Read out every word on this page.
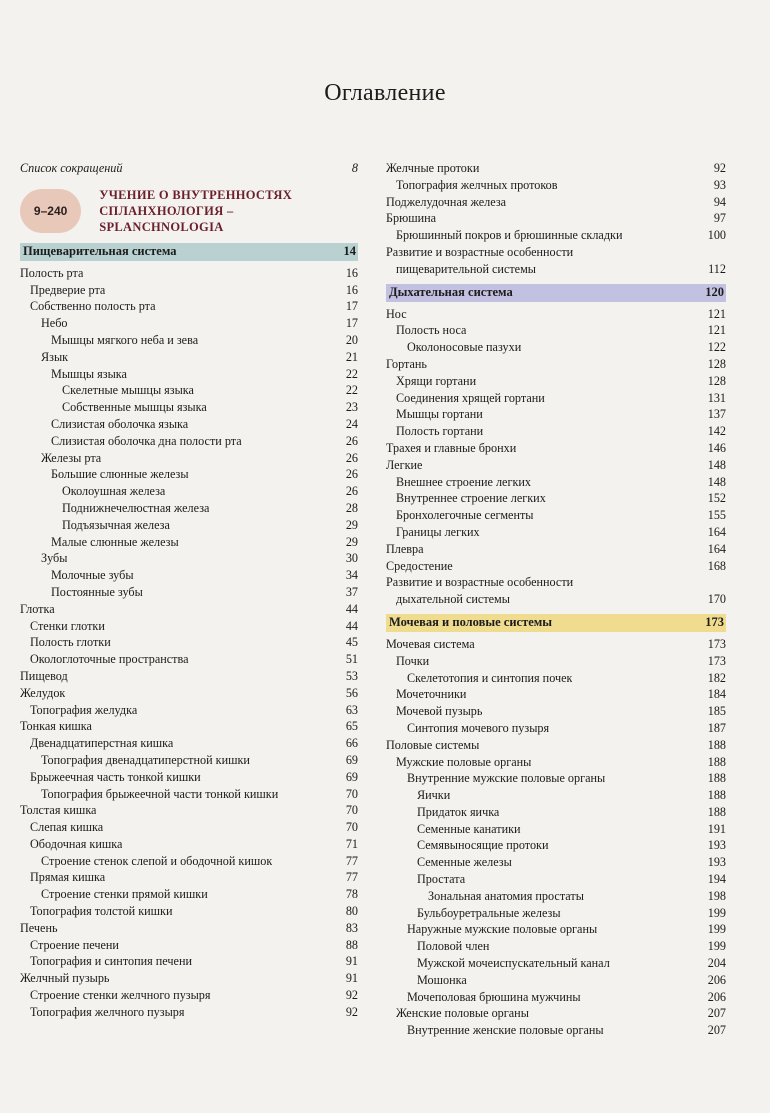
Оглавление
Список сокращений	8
9–240
УЧЕНИЕ О ВНУТРЕННОСТЯХ
СПЛАНХНОЛОГИЯ – SPLANCHNOLOGIA
Пищеварительная система	14
Полость рта	16
Предверие рта	16
Собственно полость рта	17
Небо	17
Мышцы мягкого неба и зева	20
Язык	21
Мышцы языка	22
Скелетные мышцы языка	22
Собственные мышцы языка	23
Слизистая оболочка языка	24
Слизистая оболочка дна полости рта	26
Железы рта	26
Большие слюнные железы	26
Околоушная железа	26
Поднижнечелюстная железа	28
Подъязычная железа	29
Малые слюнные железы	29
Зубы	30
Молочные зубы	34
Постоянные зубы	37
Глотка	44
Стенки глотки	44
Полость глотки	45
Окологлоточные пространства	51
Пищевод	53
Желудок	56
Топография желудка	63
Тонкая кишка	65
Двенадцатиперстная кишка	66
Топография двенадцатиперстной кишки	69
Брыжеечная часть тонкой кишки	69
Топография брыжеечной части тонкой кишки	70
Толстая кишка	70
Слепая кишка	70
Ободочная кишка	71
Строение стенок слепой и ободочной кишок	77
Прямая кишка	77
Строение стенки прямой кишки	78
Топография толстой кишки	80
Печень	83
Строение печени	88
Топография и синтопия печени	91
Желчный пузырь	91
Строение стенки желчного пузыря	92
Топография желчного пузыря	92
Желчные протоки	92
Топография желчных протоков	93
Поджелудочная железа	94
Брюшина	97
Брюшинный покров и брюшинные складки	100
Развитие и возрастные особенности
пищеварительной системы	112
Дыхательная система	120
Нос	121
Полость носа	121
Околоносовые пазухи	122
Гортань	128
Хрящи гортани	128
Соединения хрящей гортани	131
Мышцы гортани	137
Полость гортани	142
Трахея и главные бронхи	146
Легкие	148
Внешнее строение легких	148
Внутреннее строение легких	152
Бронхолегочные сегменты	155
Границы легких	164
Плевра	164
Средостение	168
Развитие и возрастные особенности
дыхательной системы	170
Мочевая и половые системы	173
Мочевая система	173
Почки	173
Скелетотопия и синтопия почек	182
Мочеточники	184
Мочевой пузырь	185
Синтопия мочевого пузыря	187
Половые системы	188
Мужские половые органы	188
Внутренние мужские половые органы	188
Яички	188
Придаток яичка	188
Семенные канатики	191
Семявыносящие протоки	193
Семенные железы	193
Простата	194
Зональная анатомия простаты	198
Бульбоуретральные железы	199
Наружные мужские половые органы	199
Половой член	199
Мужской мочеиспускательный канал	204
Мошонка	206
Мочеполовая брюшина мужчины	206
Женские половые органы	207
Внутренние женские половые органы	207
